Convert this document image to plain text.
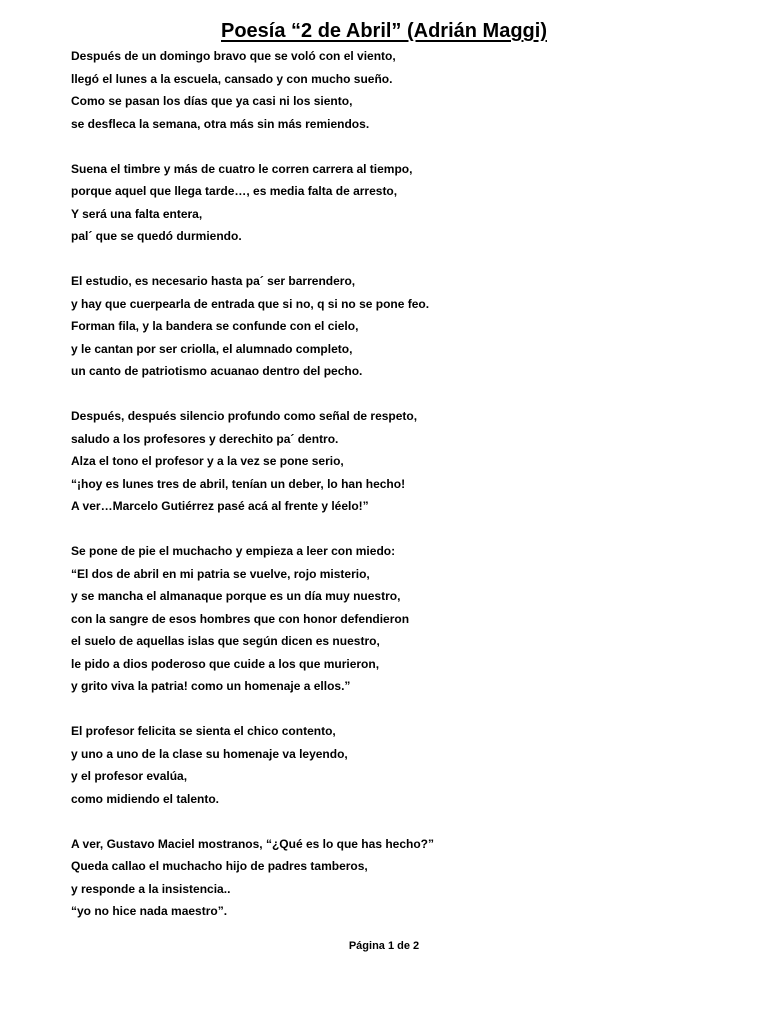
Poesía “2 de Abril” (Adrián Maggi)
Después de un domingo bravo que se voló con el viento,
llegó el lunes a la escuela, cansado y con mucho sueño.
Como se pasan los días que ya casi ni los siento,
se desflecа la semana, otra más sin más remiendos.
Suena el timbre y más de cuatro le corren carrera al tiempo,
porque aquel que llega tarde…, es media falta de arresto,
Y será una falta entera,
pal´ que se quedó durmiendo.
El estudio, es necesario hasta pa´ ser barrendero,
y hay que cuerpearla de entrada que si no, q si no se pone feo.
Forman fila, y la bandera se confunde con el cielo,
y le cantan por ser criolla, el alumnado completo,
un canto de patriotismo acuanao dentro del pecho.
Después, después silencio profundo como señal de respeto,
saludo a los profesores y derechito pa´ dentro.
Alza el tono el profesor y a la vez se pone serio,
“¡hoy es lunes tres de abril, tenían un deber, lo han hecho!
A ver…Marcelo Gutiérrez pasé acá al frente y léelo!”
Se pone de pie el muchacho y empieza a leer con miedo:
“El dos de abril en mi patria se vuelve, rojo misterio,
y se mancha el almanaque porque es un día muy nuestro,
con la sangre de esos hombres que con honor defendieron
el suelo de aquellas islas que según dicen es nuestro,
le pido a dios poderoso que cuide a los que murieron,
y grito viva la patria! como un homenaje a ellos.”
El profesor felicita se sienta el chico contento,
y uno a uno de la clase su homenaje va leyendo,
y el profesor evalúa,
como midiendo el talento.
A ver, Gustavo Maciel mostranos, “¿Qué es lo que has hecho?”
Queda callao el muchacho hijo de padres tamberos,
y responde a la insistencia..
“yo no hice nada maestro”.
Página 1 de 2
